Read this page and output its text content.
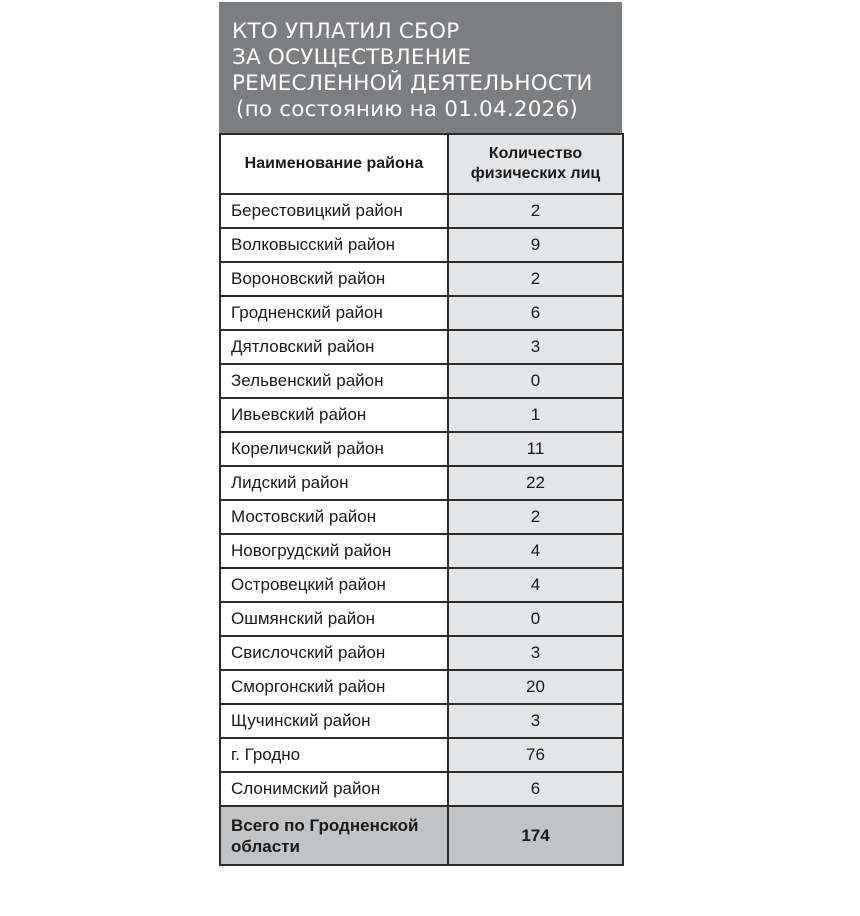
КТО УПЛАТИЛ СБОР
ЗА ОСУЩЕСТВЛЕНИЕ
РЕМЕСЛЕННОЙ ДЕЯТЕЛЬНОСТИ
(по состоянию на 01.04.2026)
Наименование района	Количество
физических лиц
Берестовицкий район	2
Волковысский район	9
Вороновский район	2
Гродненский район	6
Дятловский район	3
Зельвенский район	0
Ивьевский район	1
Кореличский район	11
Лидский район	22
Мостовский район	2
Новогрудский район	4
Островецкий район	4
Ошмянский район	0
Свислочский район	3
Сморгонский район	20
Щучинский район	3
г. Гродно	76
Слонимский район	6
Всего по Гродненской
области	174
